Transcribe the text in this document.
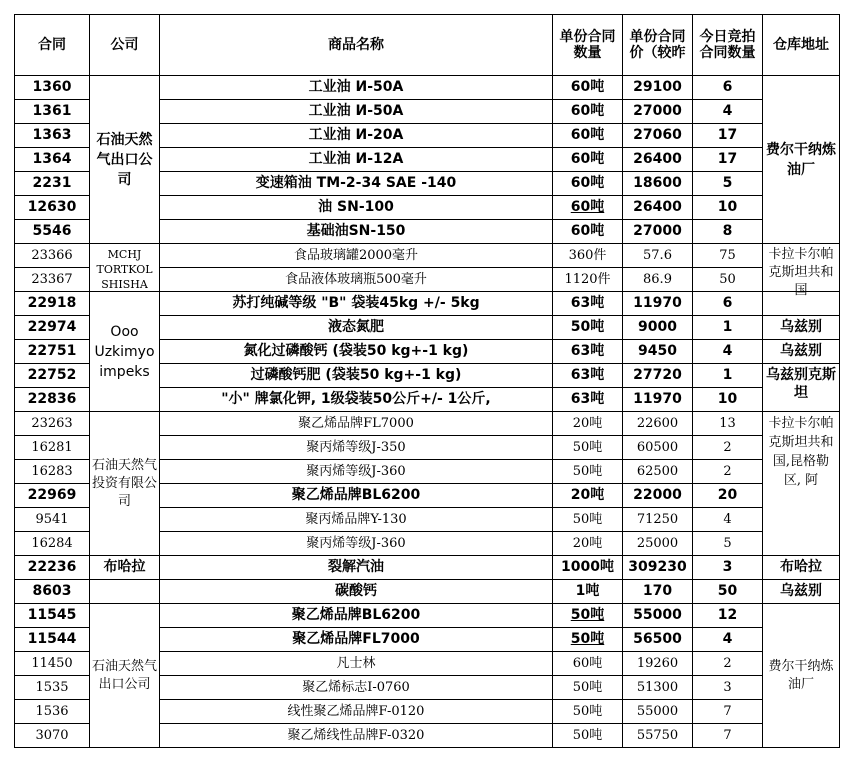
合同	公司	商品名称	单份合同数量	单份合同价（较昨	今日竞拍合同数量	仓库地址
1360	石油天然气出口公司	工业油 И-50A	60吨	29100	6	费尔干纳炼油厂
1361		工业油 И-50A	60吨	27000	4	
1363		工业油 И-20A	60吨	27060	17	
1364		工业油 И-12A	60吨	26400	17	
2231		变速箱油 TM-2-34 SAE -140	60吨	18600	5	
12630		油 SN-100	60吨	26400	10	
5546		基础油SN-150	60吨	27000	8	
23366	MCHJ TORTKOL SHISHA	食品玻璃罐2000毫升	360件	57.6	75	卡拉卡尔帕克斯坦共和国

23367		食品液体玻璃瓶500毫升	1120件	86.9	50	
22918	Ooo Uzkimyo impeks	苏打纯碱等级 "B" 袋装45kg +/- 5kg	63吨	11970	6	
22974		液态氮肥	50吨	9000	1	乌兹别
22751		氮化过磷酸钙 (袋装50 kg+-1 kg)	63吨	9450	4	乌兹别
22752		过磷酸钙肥 (袋装50 kg+-1 kg)	63吨	27720	1	乌兹别克斯坦

22836		"小" 牌氯化钾, 1级袋装50公斤+/- 1公斤,	63吨	11970	10	
23263	石油天然气投资有限公司	聚乙烯品牌FL7000	20吨	22600	13	卡拉卡尔帕克斯坦共和国,昆格勒区, 阿

16281		聚丙烯等级J-350	50吨	60500	2	
16283		聚丙烯等级J-360	50吨	62500	2	
22969		聚乙烯品牌BL6200	20吨	22000	20	
9541		聚丙烯品牌Y-130	50吨	71250	4	
16284		聚丙烯等级J-360	20吨	25000	5	
22236	布哈拉	裂解汽油	1000吨	309230	3	布哈拉
8603		碳酸钙	1吨	170	50	乌兹别
11545	石油天然气出口公司	聚乙烯品牌BL6200	50吨	55000	12	费尔干纳炼油厂
11544		聚乙烯品牌FL7000	50吨	56500	4	
11450		凡士林	60吨	19260	2	
1535		聚乙烯标志I-0760	50吨	51300	3	
1536		线性聚乙烯品牌F-0120	50吨	55000	7	
3070		聚乙烯线性品牌F-0320	50吨	55750	7	
